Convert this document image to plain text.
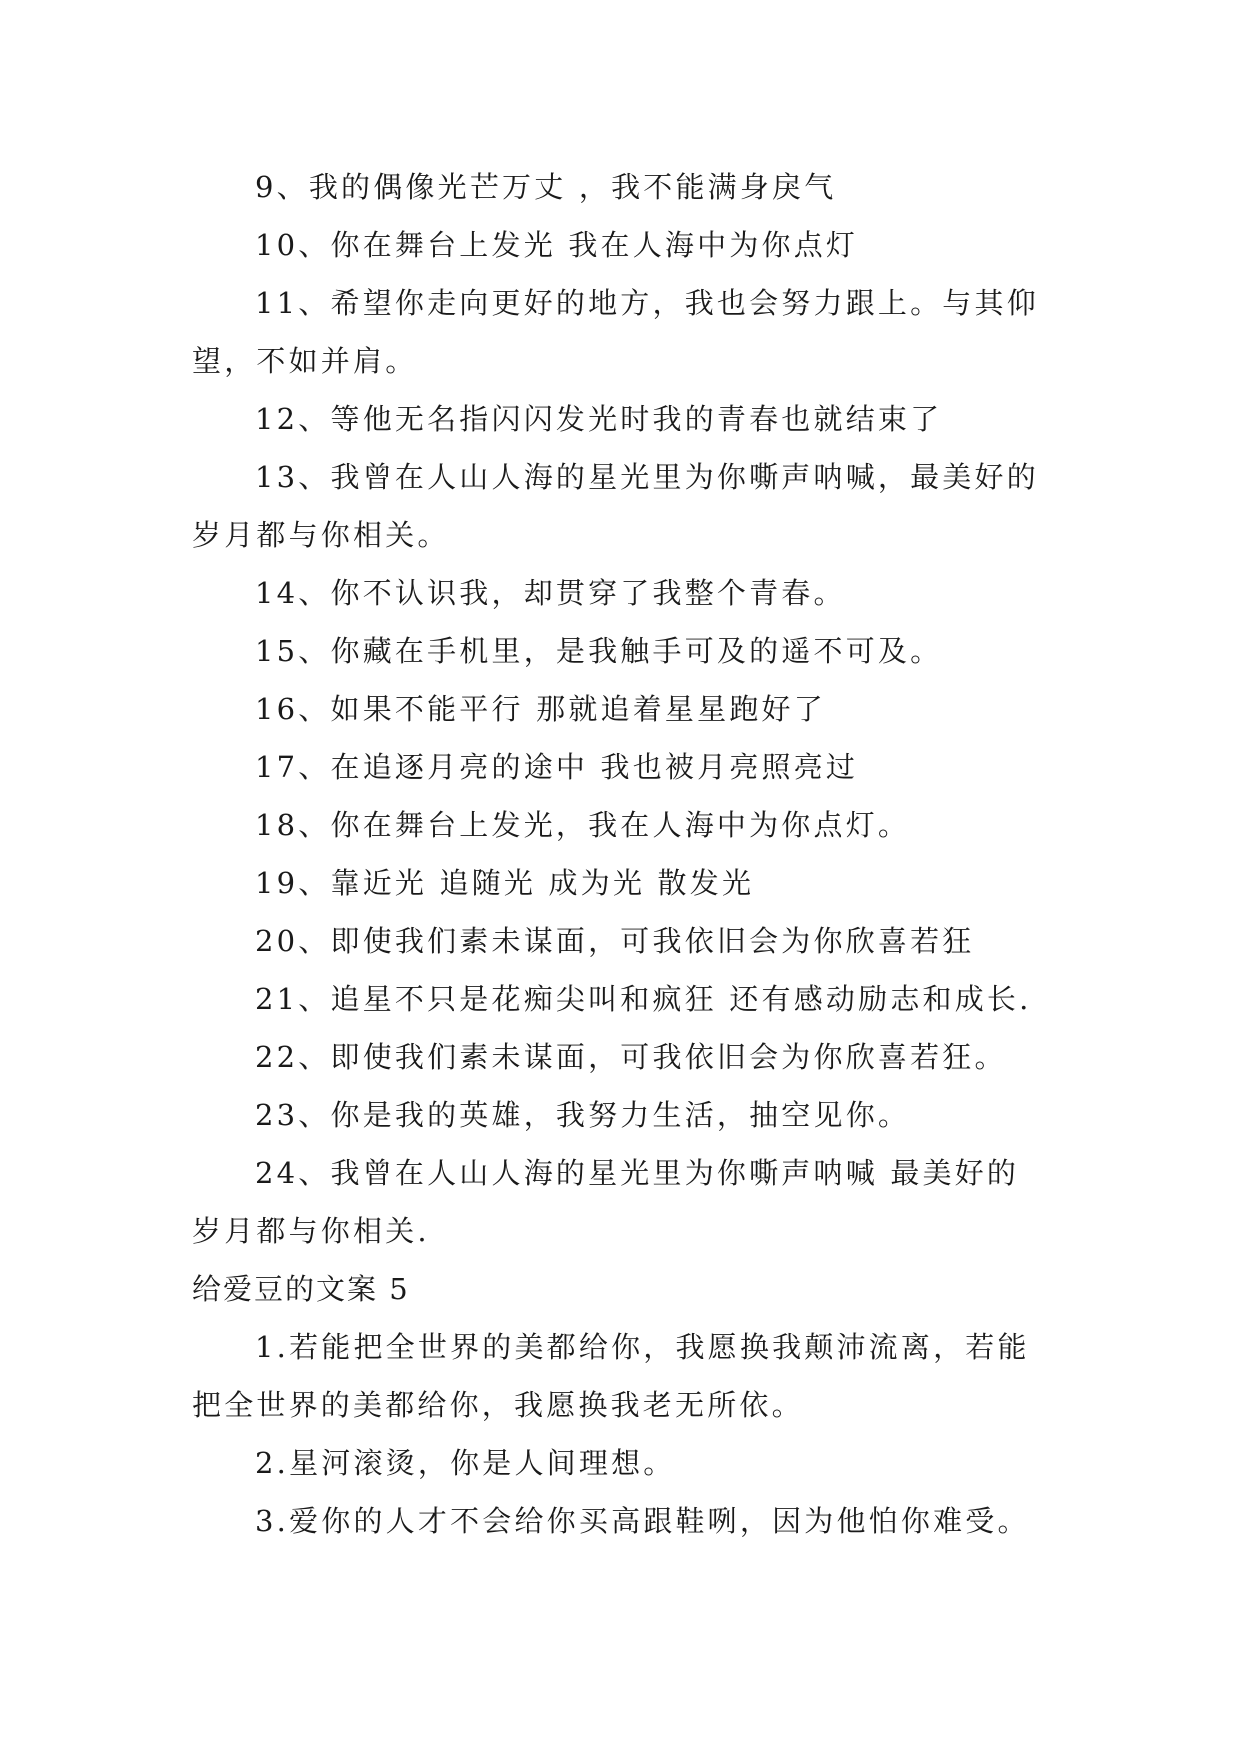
9、我的偶像光芒万丈 ，我不能满身戾气
10、你在舞台上发光 我在人海中为你点灯
11、希望你走向更好的地方，我也会努力跟上。与其仰
望，不如并肩。
12、等他无名指闪闪发光时我的青春也就结束了
13、我曾在人山人海的星光里为你嘶声呐喊，最美好的
岁月都与你相关。
14、你不认识我，却贯穿了我整个青春。
15、你藏在手机里，是我触手可及的遥不可及。
16、如果不能平行 那就追着星星跑好了
17、在追逐月亮的途中 我也被月亮照亮过
18、你在舞台上发光，我在人海中为你点灯。
19、靠近光 追随光 成为光 散发光
20、即使我们素未谋面，可我依旧会为你欣喜若狂
21、追星不只是花痴尖叫和疯狂 还有感动励志和成长.
22、即使我们素未谋面，可我依旧会为你欣喜若狂。
23、你是我的英雄，我努力生活，抽空见你。
24、我曾在人山人海的星光里为你嘶声呐喊 最美好的
岁月都与你相关.
给爱豆的文案 5
1.若能把全世界的美都给你，我愿换我颠沛流离，若能
把全世界的美都给你，我愿换我老无所依。
2.星河滚烫，你是人间理想。
3.爱你的人才不会给你买高跟鞋咧，因为他怕你难受。
